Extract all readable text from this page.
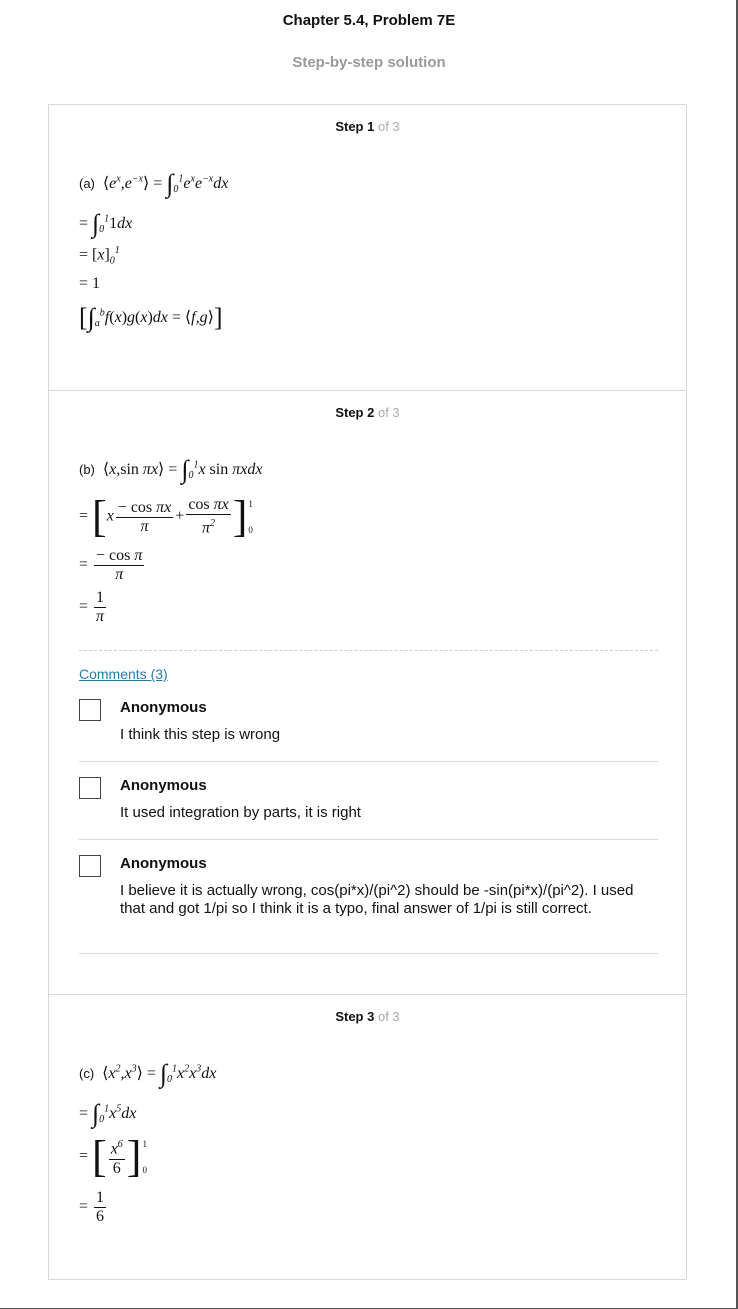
Chapter 5.4, Problem 7E
Step-by-step solution
Step 1 of 3
(a) $⟨e^x,e^{-x}⟩ = \int_0^1e^xe^{-x}dx$
= $\int_0^11dx$
= $[x]_0^1$
= 1
[$\int_a^bf(x)g(x)dx$ = ⟨f,g⟩]
Step 2 of 3
(b) ⟨x,sin πx⟩ = $\int_0^1x$ sin πxdx
= [$x \frac{\text{− cos πx}}{\pi} + \frac{\text{cos πx}}{\pi^2}$ ] 1
0
= $\frac{\text{− cos π}}{\pi}$
= $\frac{1}{\pi}$
Comments (3)
Anonymous
I think this step is wrong
Anonymous
It used integration by parts, it is right
Anonymous
I believe it is actually wrong, cos(pi*x)/(pi^2) should be -sin(pi*x)/(pi^2). I used that and got 1/pi so I think it is a typo, final answer of 1/pi is still correct.
Step 3 of 3
(c) $⟨x^2,x^3⟩ = \int_0^1x^2x^3dx$
= $\int_0^1x^5dx$
= [ $\frac{x^6}{6}$ ] 1
0
= $\frac{1}{6}$
